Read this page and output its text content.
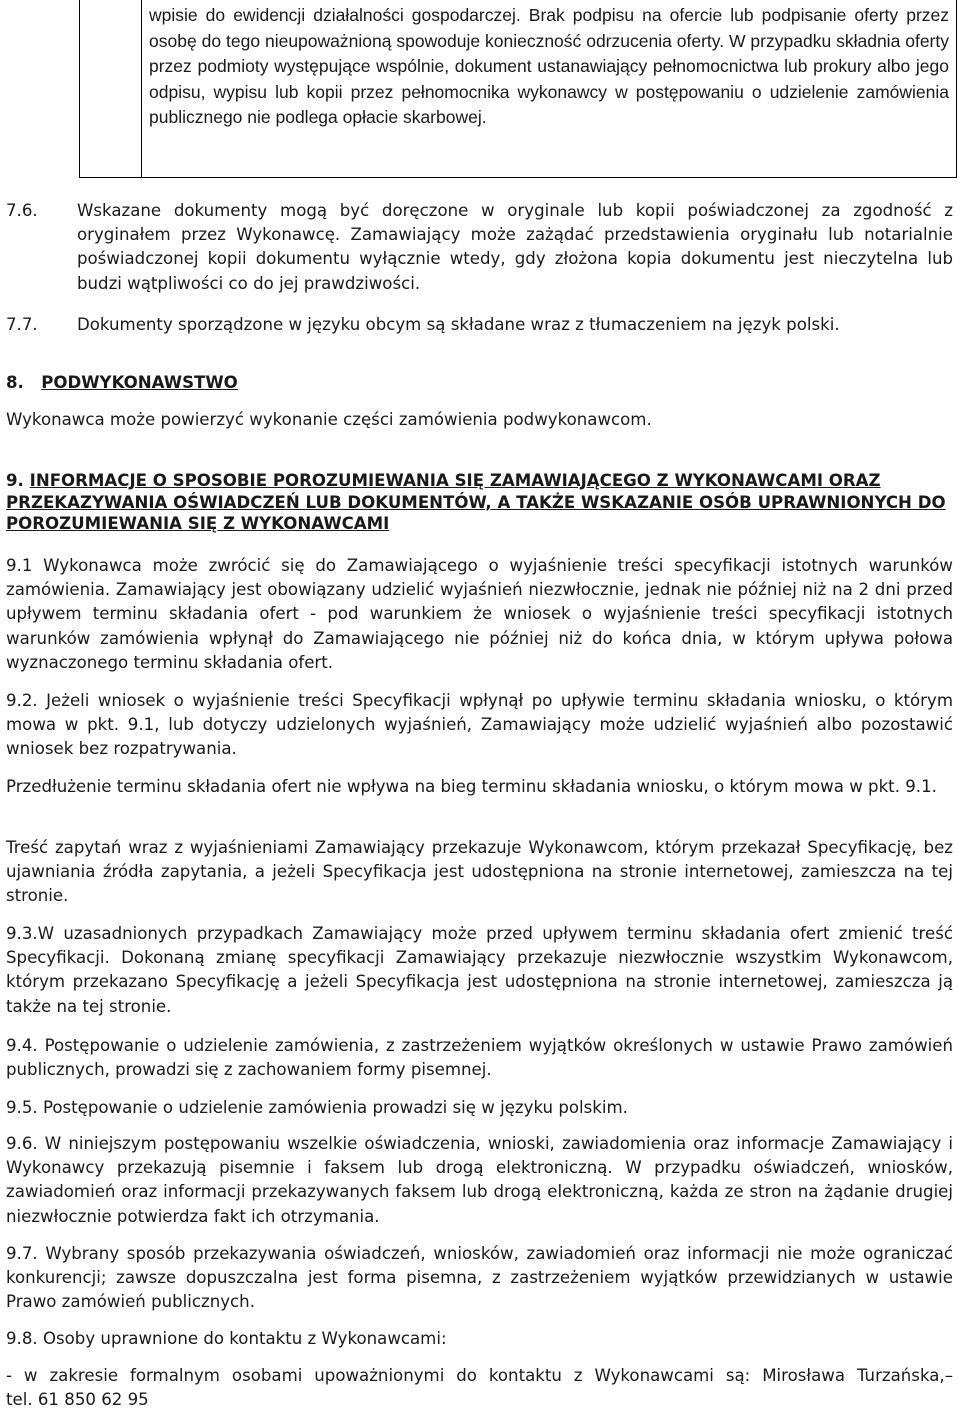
wpisie do ewidencji działalności gospodarczej. Brak podpisu na ofercie lub podpisanie oferty przez osobę do tego nieupoważnioną spowoduje konieczność odrzucenia oferty. W przypadku składnia oferty przez podmioty występujące wspólnie, dokument ustanawiający pełnomocnictwa lub prokury albo jego odpisu, wypisu lub kopii przez pełnomocnika wykonawcy w postępowaniu o udzielenie zamówienia publicznego nie podlega opłacie skarbowej.

7.6. Wskazane dokumenty mogą być doręczone w oryginale lub kopii poświadczonej za zgodność z oryginałem przez Wykonawcę. Zamawiający może zażądać przedstawienia oryginału lub notarialnie poświadczonej kopii dokumentu wyłącznie wtedy, gdy złożona kopia dokumentu jest nieczytelna lub budzi wątpliwości co do jej prawdziwości.

7.7. Dokumenty sporządzone w języku obcym są składane wraz z tłumaczeniem na język polski.

8. PODWYKONAWSTWO

Wykonawca może powierzyć wykonanie części zamówienia podwykonawcom.

9. INFORMACJE O SPOSOBIE POROZUMIEWANIA SIĘ ZAMAWIAJĄCEGO Z WYKONAWCAMI ORAZ PRZEKAZYWANIA OŚWIADCZEŃ LUB DOKUMENTÓW, A TAKŻE WSKAZANIE OSÓB UPRAWNIONYCH DO POROZUMIEWANIA SIĘ Z WYKONAWCAMI

9.1 Wykonawca może zwrócić się do Zamawiającego o wyjaśnienie treści specyfikacji istotnych warunków zamówienia. Zamawiający jest obowiązany udzielić wyjaśnień niezwłocznie, jednak nie później niż na 2 dni przed upływem terminu składania ofert - pod warunkiem że wniosek o wyjaśnienie treści specyfikacji istotnych warunków zamówienia wpłynął do Zamawiającego nie później niż do końca dnia, w którym upływa połowa wyznaczonego terminu składania ofert.

9.2. Jeżeli wniosek o wyjaśnienie treści Specyfikacji wpłynął po upływie terminu składania wniosku, o którym mowa w pkt. 9.1, lub dotyczy udzielonych wyjaśnień, Zamawiający może udzielić wyjaśnień albo pozostawić wniosek bez rozpatrywania.

Przedłużenie terminu składania ofert nie wpływa na bieg terminu składania wniosku, o którym mowa w pkt. 9.1.

Treść zapytań wraz z wyjaśnieniami Zamawiający przekazuje Wykonawcom, którym przekazał Specyfikację, bez ujawniania źródła zapytania, a jeżeli Specyfikacja jest udostępniona na stronie internetowej, zamieszcza na tej stronie.

9.3.W uzasadnionych przypadkach Zamawiający może przed upływem terminu składania ofert zmienić treść Specyfikacji. Dokonaną zmianę specyfikacji Zamawiający przekazuje niezwłocznie wszystkim Wykonawcom, którym przekazano Specyfikację a jeżeli Specyfikacja jest udostępniona na stronie internetowej, zamieszcza ją także na tej stronie.

9.4. Postępowanie o udzielenie zamówienia, z zastrzeżeniem wyjątków określonych w ustawie Prawo zamówień publicznych, prowadzi się z zachowaniem formy pisemnej.

9.5. Postępowanie o udzielenie zamówienia prowadzi się w języku polskim.

9.6. W niniejszym postępowaniu wszelkie oświadczenia, wnioski, zawiadomienia oraz informacje Zamawiający i Wykonawcy przekazują pisemnie i faksem lub drogą elektroniczną. W przypadku oświadczeń, wniosków, zawiadomień oraz informacji przekazywanych faksem lub drogą elektroniczną, każda ze stron na żądanie drugiej niezwłocznie potwierdza fakt ich otrzymania.

9.7. Wybrany sposób przekazywania oświadczeń, wniosków, zawiadomień oraz informacji nie może ograniczać konkurencji; zawsze dopuszczalna jest forma pisemna, z zastrzeżeniem wyjątków przewidzianych w ustawie Prawo zamówień publicznych.

9.8. Osoby uprawnione do kontaktu z Wykonawcami:

- w zakresie formalnym osobami upoważnionymi do kontaktu z Wykonawcami są: Mirosława Turzańska,–

tel. 61 850 62 95
